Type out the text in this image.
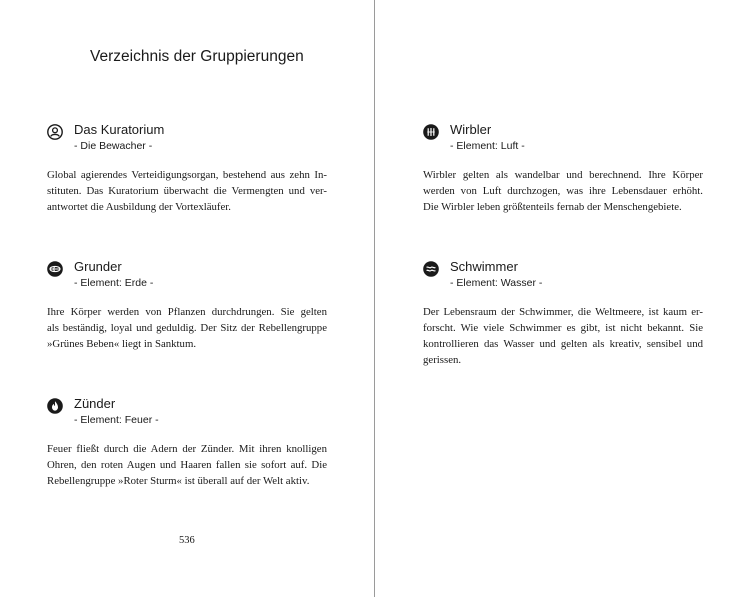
Verzeichnis der Gruppierungen
Das Kuratorium
- Die Bewacher -
Global agierendes Verteidigungsorgan, bestehend aus zehn In-
stituten. Das Kuratorium überwacht die Vermengten und ver-
antwortet die Ausbildung der Vortexläufer.
Grunder
- Element: Erde -
Ihre Körper werden von Pflanzen durchdrungen. Sie gelten
als beständig, loyal und geduldig. Der Sitz der Rebellengruppe
»Grünes Beben« liegt in Sanktum.
Zünder
- Element: Feuer -
Feuer fließt durch die Adern der Zünder. Mit ihren knolligen
Ohren, den roten Augen und Haaren fallen sie sofort auf. Die
Rebellengruppe »Roter Sturm« ist überall auf der Welt aktiv.
536
Wirbler
- Element: Luft -
Wirbler gelten als wandelbar und berechnend. Ihre Körper
werden von Luft durchzogen, was ihre Lebensdauer erhöht.
Die Wirbler leben größtenteils fernab der Menschengebiete.
Schwimmer
- Element: Wasser -
Der Lebensraum der Schwimmer, die Weltmeere, ist kaum er-
forscht. Wie viele Schwimmer es gibt, ist nicht bekannt. Sie
kontrollieren das Wasser und gelten als kreativ, sensibel und
gerissen.
